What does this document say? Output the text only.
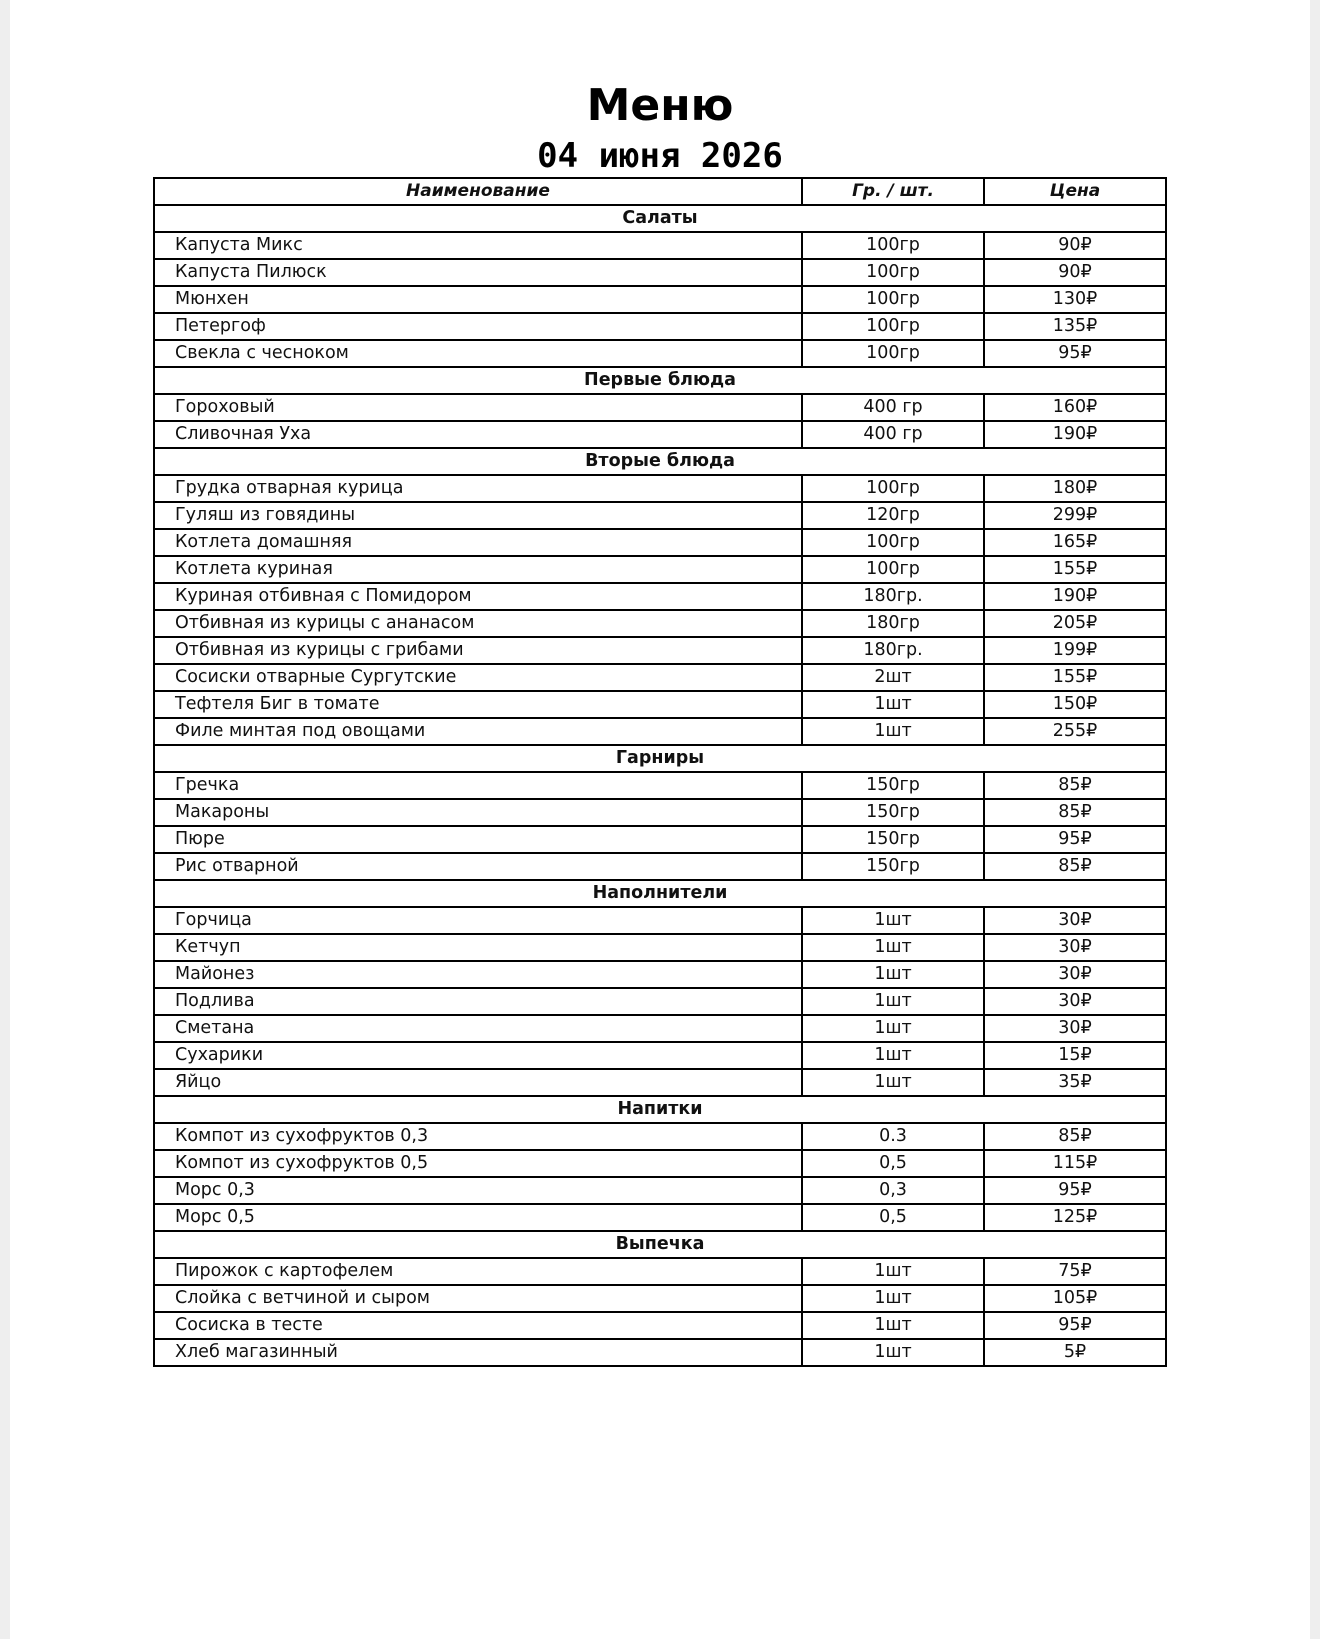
Меню
04 июня 2026
Наименование	Гр. / шт.	Цена
Салаты		
Капуста Микс	100гр	90₽
Капуста Пилюск	100гр	90₽
Мюнхен	100гр	130₽
Петергоф	100гр	135₽
Свекла с чесноком	100гр	95₽
Первые блюда		
Гороховый	400 гр	160₽
Сливочная Уха	400 гр	190₽
Вторые блюда		
Грудка отварная курица	100гр	180₽
Гуляш из говядины	120гр	299₽
Котлета домашняя	100гр	165₽
Котлета куриная	100гр	155₽
Куриная отбивная с Помидором	180гр.	190₽
Отбивная из курицы с ананасом	180гр	205₽
Отбивная из курицы с грибами	180гр.	199₽
Сосиски отварные Сургутские	2шт	155₽
Тефтеля Биг в томате	1шт	150₽
Филе минтая под овощами	1шт	255₽
Гарниры		
Гречка	150гр	85₽
Макароны	150гр	85₽
Пюре	150гр	95₽
Рис отварной	150гр	85₽
Наполнители		
Горчица	1шт	30₽
Кетчуп	1шт	30₽
Майонез	1шт	30₽
Подлива	1шт	30₽
Сметана	1шт	30₽
Сухарики	1шт	15₽
Яйцо	1шт	35₽
Напитки		
Компот из сухофруктов 0,3	0.3	85₽
Компот из сухофруктов 0,5	0,5	115₽
Морс 0,3	0,3	95₽
Морс 0,5	0,5	125₽
Выпечка		
Пирожок с картофелем	1шт	75₽
Слойка с ветчиной и сыром	1шт	105₽
Сосиска в тесте	1шт	95₽
Хлеб магазинный	1шт	5₽
